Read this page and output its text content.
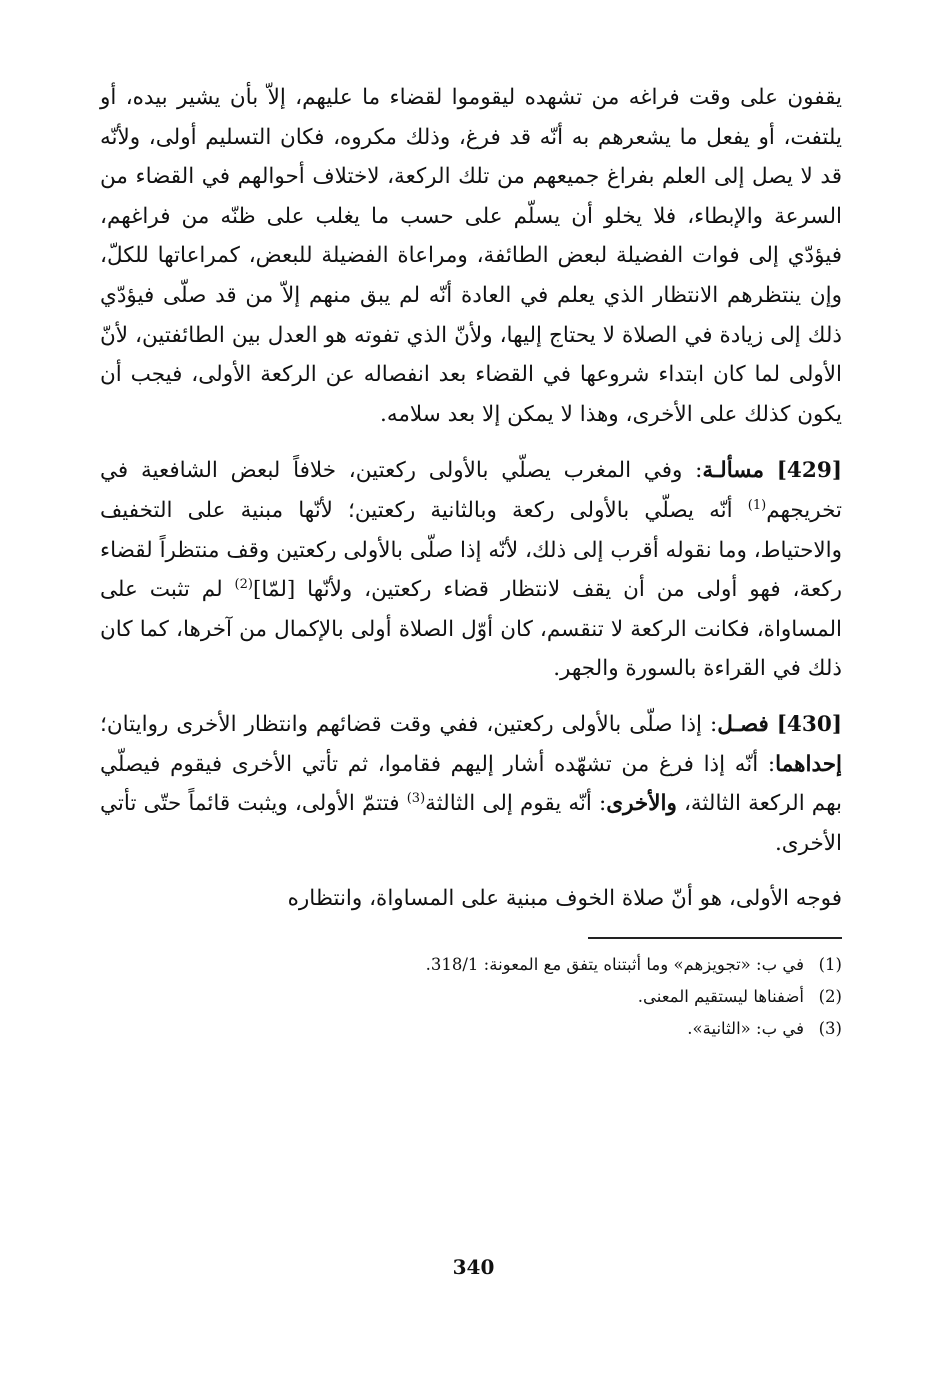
يقفون على وقت فراغه من تشهده ليقوموا لقضاء ما عليهم، إلاّ بأن يشير بيده، أو يلتفت، أو يفعل ما يشعرهم به أنّه قد فرغ، وذلك مكروه، فكان التسليم أولى، ولأنّه قد لا يصل إلى العلم بفراغ جميعهم من تلك الركعة، لاختلاف أحوالهم في القضاء من السرعة والإبطاء، فلا يخلو أن يسلّم على حسب ما يغلب على ظنّه من فراغهم، فيؤدّي إلى فوات الفضيلة لبعض الطائفة، ومراعاة الفضيلة للبعض، كمراعاتها للكلّ، وإن ينتظرهم الانتظار الذي يعلم في العادة أنّه لم يبق منهم إلاّ من قد صلّى فيؤدّي ذلك إلى زيادة في الصلاة لا يحتاج إليها، ولأنّ الذي تفوته هو العدل بين الطائفتين، لأنّ الأولى لما كان ابتداء شروعها في القضاء بعد انفصاله عن الركعة الأولى، فيجب أن يكون كذلك على الأخرى، وهذا لا يمكن إلا بعد سلامه.

[429] مسألـة: وفي المغرب يصلّي بالأولى ركعتين، خلافاً لبعض الشافعية في تخريجهم$^{(1)}$ أنّه يصلّي بالأولى ركعة وبالثانية ركعتين؛ لأنّها مبنية على التخفيف والاحتياط، وما نقوله أقرب إلى ذلك، لأنّه إذا صلّى بالأولى ركعتين وقف منتظراً لقضاء ركعة، فهو أولى من أن يقف لانتظار قضاء ركعتين، ولأنّها [لمّا]$^{(2)}$ لم تثبت على المساواة، فكانت الركعة لا تنقسم، كان أوّل الصلاة أولى بالإكمال من آخرها، كما كان ذلك في القراءة بالسورة والجهر.

[430] فصـل: إذا صلّى بالأولى ركعتين، ففي وقت قضائهم وانتظار الأخرى روايتان؛ إحداهما: أنّه إذا فرغ من تشهّده أشار إليهم فقاموا، ثم تأتي الأخرى فيقوم فيصلّي بهم الركعة الثالثة، والأخرى: أنّه يقوم إلى الثالثة$^{(3)}$ فتتمّ الأولى، ويثبت قائماً حتّى تأتي الأخرى.

فوجه الأولى، هو أنّ صلاة الخوف مبنية على المساواة، وانتظاره

(1)
في ب: «تجويزهم» وما أثبتناه يتفق مع المعونة: 318/1.
(2)
أضفناها ليستقيم المعنى.
(3)
في ب: «الثانية».
340
